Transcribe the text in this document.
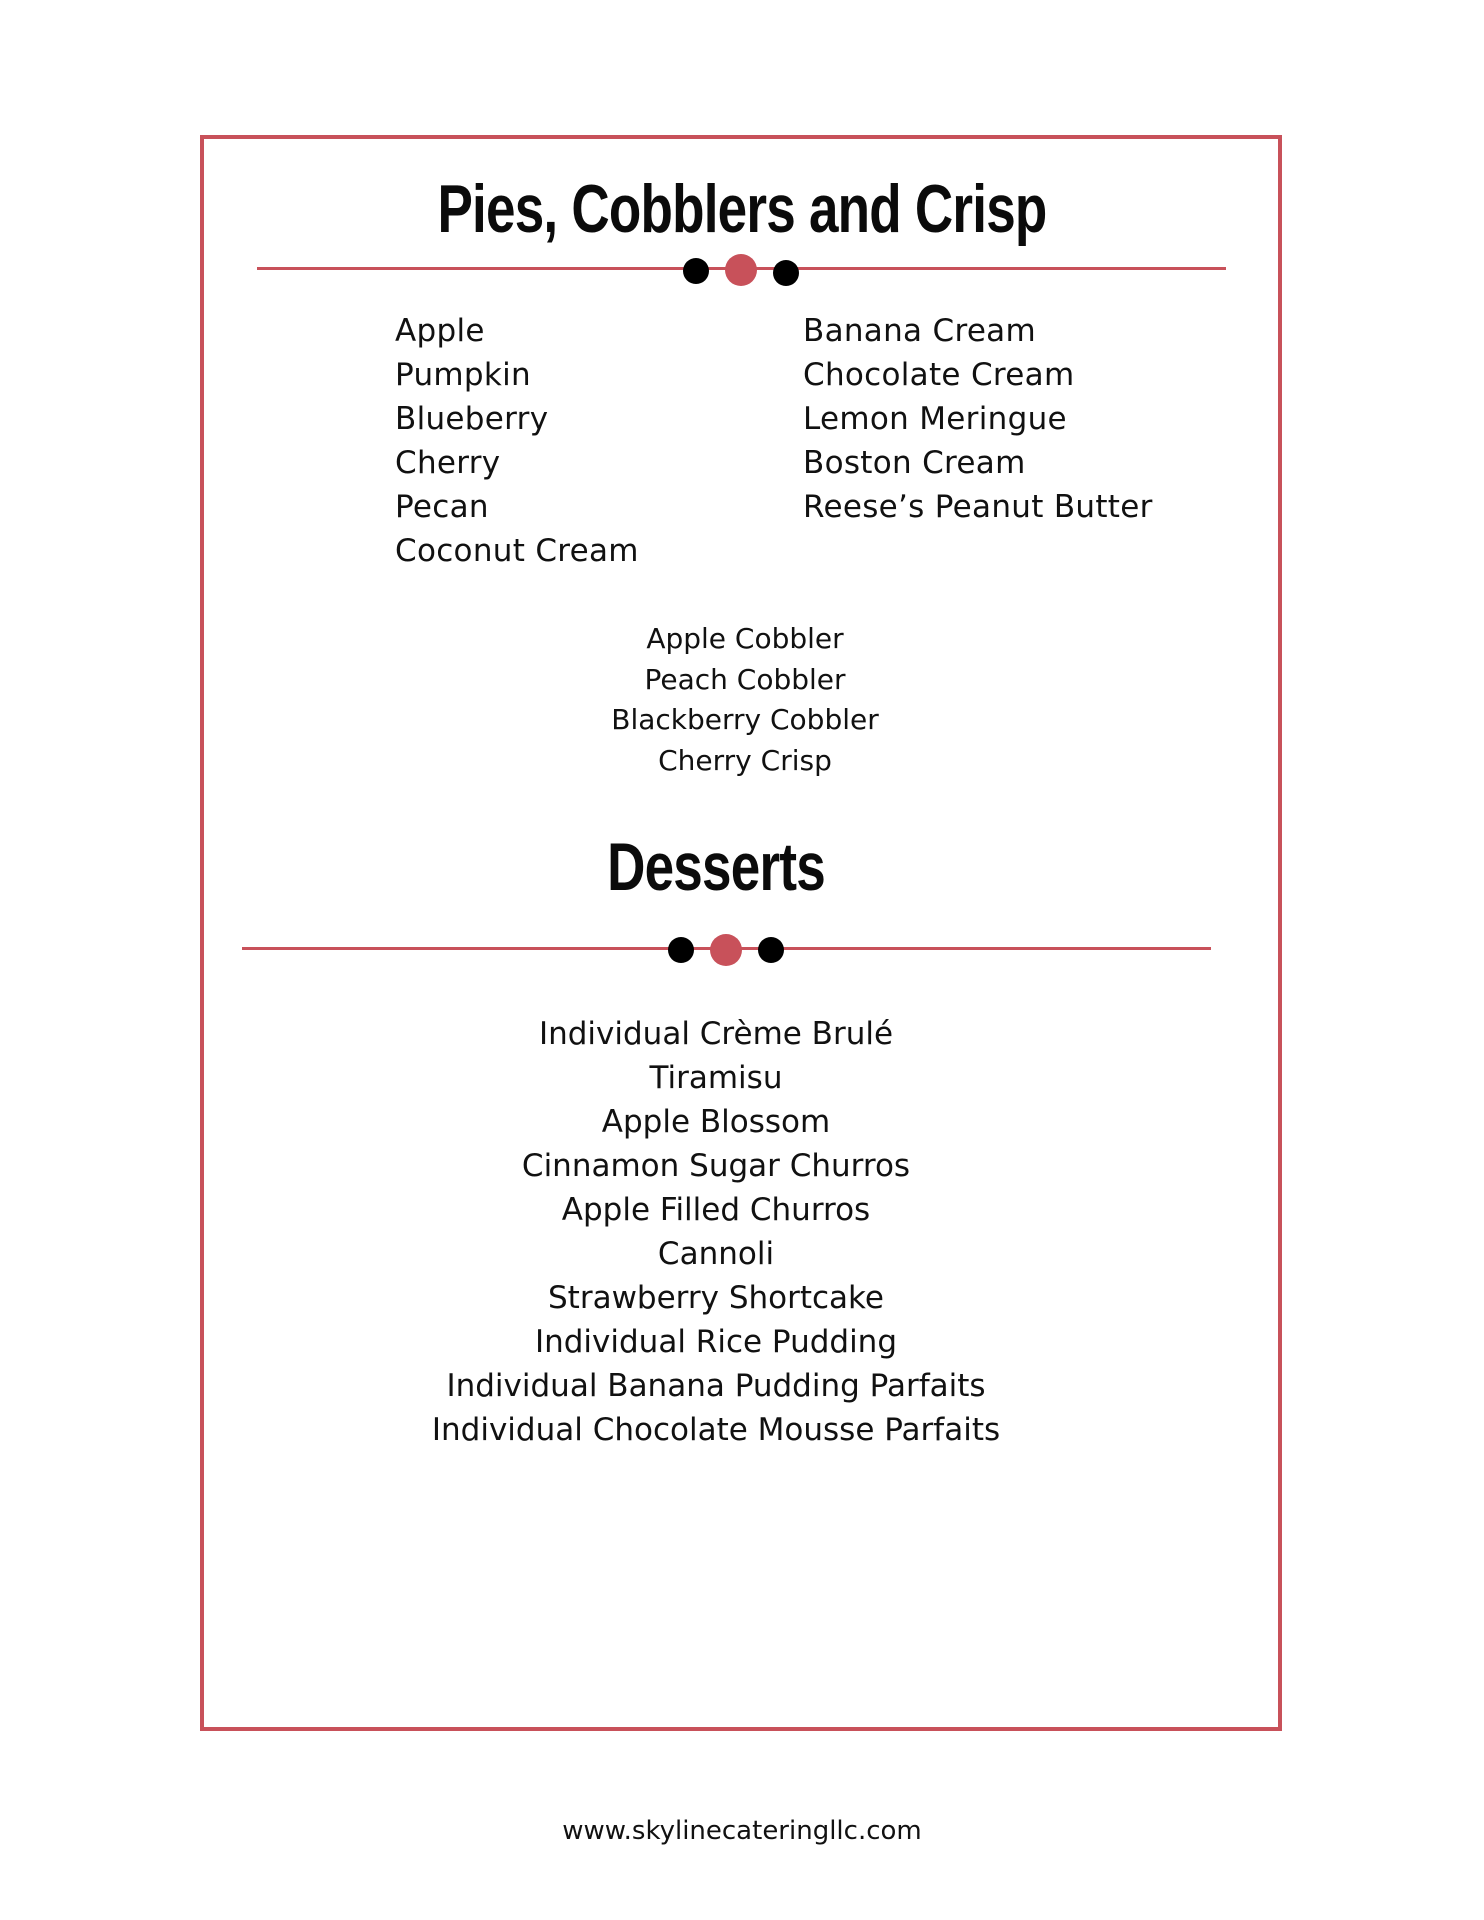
Pies, Cobblers and Crisp
Apple
Pumpkin
Blueberry
Cherry
Pecan
Coconut Cream
Banana Cream
Chocolate Cream
Lemon Meringue
Boston Cream
Reese’s Peanut Butter
Apple Cobbler
Peach Cobbler
Blackberry Cobbler
Cherry Crisp
Desserts
Individual Crème Brulé
Tiramisu
Apple Blossom
Cinnamon Sugar Churros
Apple Filled Churros
Cannoli
Strawberry Shortcake
Individual Rice Pudding
Individual Banana Pudding Parfaits
Individual Chocolate Mousse Parfaits
www.skylinecateringllc.com
